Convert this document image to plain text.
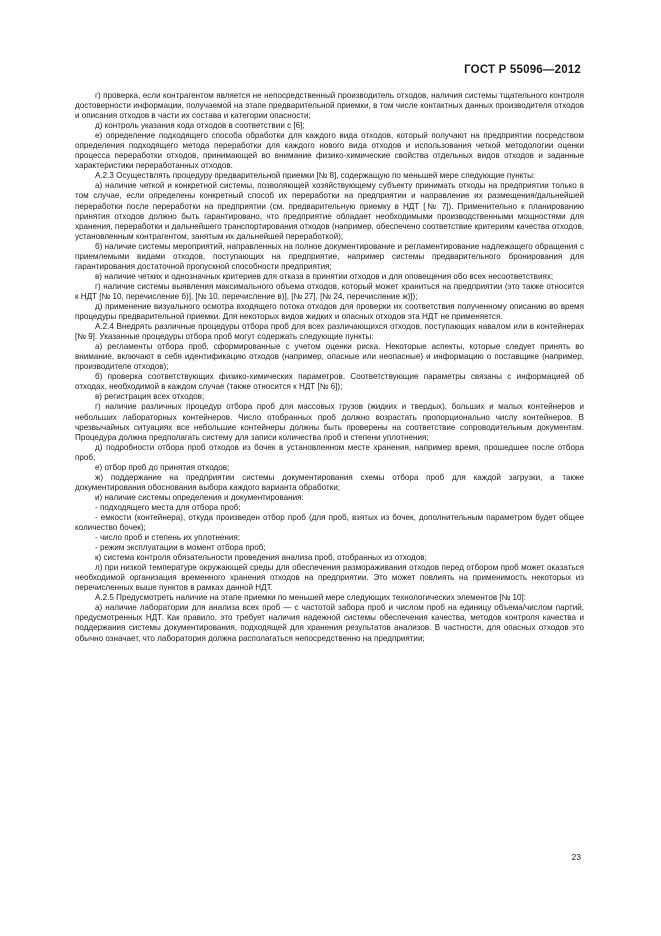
ГОСТ Р 55096—2012

г) проверка, если контрагентом является не непосредственный производитель отходов, наличия системы тщательного контроля достоверности информации, получаемой на этапе предварительной приемки, в том числе контактных данных производителя отходов и описания отходов в части их состава и категории опасности;

д) контроль указания кода отходов в соответствии с [6];

е) определение подходящего способа обработки для каждого вида отходов, который получают на предприятии посредством определения подходящего метода переработки для каждого нового вида отходов и использования четкой методологии оценки процесса переработки отходов, принимающей во внимание физико-химические свойства отдельных видов отходов и заданные характеристики переработанных отходов.

А.2.3 Осуществлять процедуру предварительной приемки [№ 8], содержащую по меньшей мере следующие пункты:

а) наличие четкой и конкретной системы, позволяющей хозяйствующему субъекту принимать отходы на предприятии только в том случае, если определены конкретный способ их переработки на предприятии и направление их размещения/дальнейшей переработки после переработки на предприятии (см. предварительную приемку в НДТ [№ 7]). Применительно к планированию принятия отходов должно быть гарантировано, что предприятие обладает необходимыми производственными мощностями для хранения, переработки и дальнейшего транспортирования отходов (например, обеспечено соответствие критериям качества отходов, установленным контрагентом, занятым их дальнейшей переработкой);

б) наличие системы мероприятий, направленных на полное документирование и регламентирование надлежащего обращения с приемлемыми видами отходов, поступающих на предприятие, например системы предварительного бронирования для гарантирования достаточной пропускной способности предприятия;

в) наличие четких и однозначных критериев для отказа в принятии отходов и для оповещения обо всех несоответствиях;

г) наличие системы выявления максимального объема отходов, который может храниться на предприятии (это также относится к НДТ [№ 10, перечисление б)], [№ 10, перечисление в)], [№ 27], [№ 24, перечисление ж)]);

д) применение визуального осмотра входящего потока отходов для проверки их соответствия полученному описанию во время процедуры предварительной приемки. Для некоторых видов жидких и опасных отходов эта НДТ не применяется.

А.2.4 Внедрять различные процедуры отбора проб для всех различающихся отходов, поступающих навалом или в контейнерах [№ 9]. Указанные процедуры отбора проб могут содержать следующие пункты:

а) регламенты отбора проб, сформированные с учетом оценки риска. Некоторые аспекты, которые следует принять во внимание, включают в себя идентификацию отходов (например, опасные или неопасные) и информацию о поставщике (например, производителе отходов);

б) проверка соответствующих физико-химических параметров. Соответствующие параметры связаны с информацией об отходах, необходимой в каждом случае (также относится к НДТ [№ 6]);

в) регистрация всех отходов;

г) наличие различных процедур отбора проб для массовых грузов (жидких и твердых), больших и малых контейнеров и небольших лабораторных контейнеров. Число отобранных проб должно возрастать пропорционально числу контейнеров. В чрезвычайных ситуациях все небольшие контейнеры должны быть проверены на соответствие сопроводительным документам. Процедура должна предполагать систему для записи количества проб и степени уплотнения;

д) подробности отбора проб отходов из бочек в установленном месте хранения, например время, прошедшее после отбора проб;

е) отбор проб до принятия отходов;

ж) поддержание на предприятии системы документирования схемы отбора проб для каждой загрузки, а также документирования обоснования выбора каждого варианта обработки;

и) наличие системы определения и документирования:

- подходящего места для отбора проб;

- емкости (контейнера), откуда произведен отбор проб (для проб, взятых из бочек, дополнительным параметром будет общее количество бочек);

- число проб и степень их уплотнения;

- режим эксплуатации в момент отбора проб;

к) система контроля обязательности проведения анализа проб, отобранных из отходов;

л) при низкой температуре окружающей среды для обеспечения размораживания отходов перед отбором проб может оказаться необходимой организация временного хранения отходов на предприятии. Это может повлиять на применимость некоторых из перечисленных выше пунктов в рамках данной НДТ.

А.2.5 Предусмотреть наличие на этапе приемки по меньшей мере следующих технологических элементов [№ 10]:

а) наличие лаборатории для анализа всех проб — с частотой забора проб и числом проб на единицу объема/числом партий, предусмотренных НДТ. Как правило, это требует наличия надежной системы обеспечения качества, методов контроля качества и поддержания системы документирования, подходящей для хранения результатов анализов. В частности, для опасных отходов это обычно означает, что лаборатория должна располагаться непосредственно на предприятии;

23
